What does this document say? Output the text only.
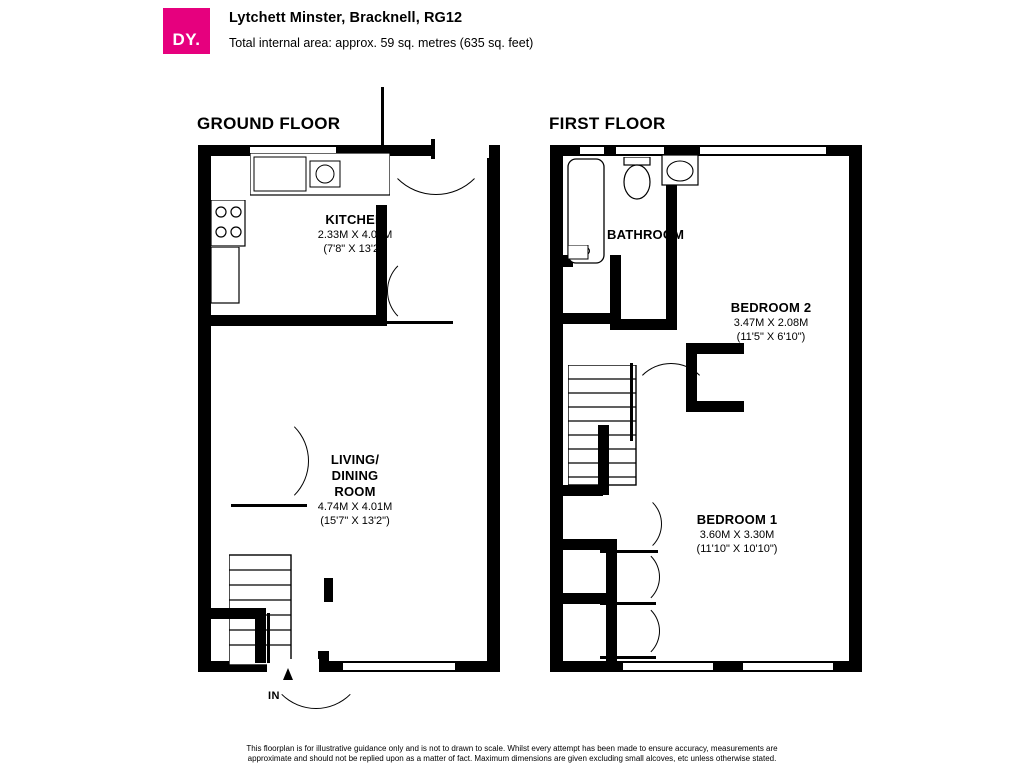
DY.
Lytchett Minster, Bracknell, RG12
Total internal area: approx. 59 sq. metres (635 sq. feet)
GROUND FLOOR	FIRST FLOOR
KITCHEN
2.33M X 4.01M
(7'8" X 13'2")
LIVING/
DINING
ROOM
4.74M X 4.01M
(15'7" X 13'2")
IN
BATHROOM
BEDROOM 2
3.47M X 2.08M
(11'5" X 6'10")
BEDROOM 1
3.60M X 3.30M
(11'10" X 10'10")
This floorplan is for illustrative guidance only and is not to drawn to scale. Whilst every attempt has been made to ensure accuracy, measurements are
approximate and should not be replied upon as a matter of fact. Maximum dimensions are given excluding small alcoves, etc unless otherwise stated.
